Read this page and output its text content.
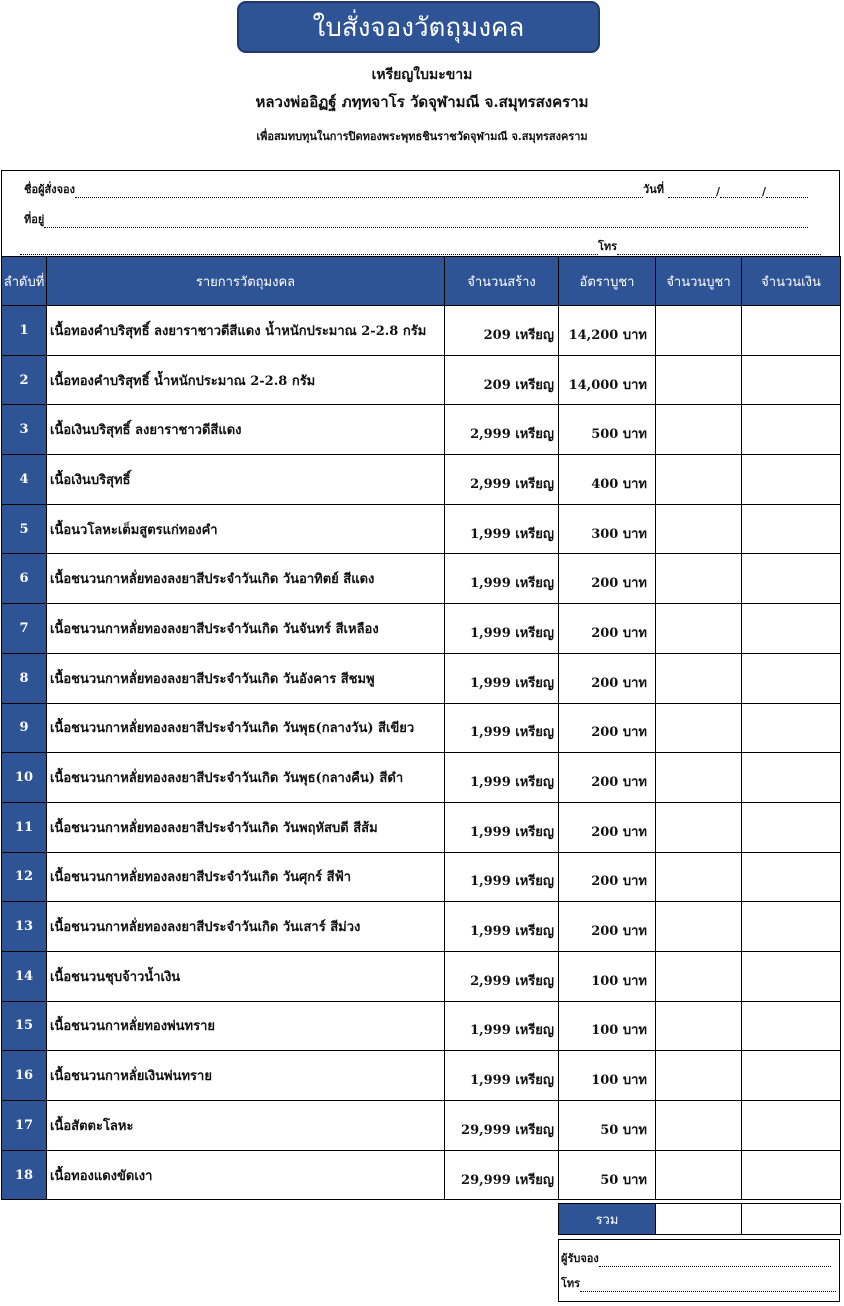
ใบสั่งจองวัตถุมงคล
เหรียญใบมะขาม
หลวงพ่ออิฏฐ์ ภทฺทจาโร วัดจุฬามณี จ.สมุทรสงคราม
เพื่อสมทบทุนในการปิดทองพระพุทธชินราชวัดจุฬามณี จ.สมุทรสงคราม
ชื่อผู้สั่งจอง	วันที่	/	/
ที่อยู่
โทร
ลำดับที่	รายการวัตถุมงคล	จำนวนสร้าง	อัตราบูชา	จำนวนบูชา	จำนวนเงิน
1	เนื้อทองคำบริสุทธิ์ ลงยาราชาวดีสีแดง น้ำหนักประมาณ 2-2.8 กรัม	209 เหรียญ	14,200 บาท		
2	เนื้อทองคำบริสุทธิ์ น้ำหนักประมาณ 2-2.8 กรัม	209 เหรียญ	14,000 บาท		
3	เนื้อเงินบริสุทธิ์ ลงยาราชาวดีสีแดง	2,999 เหรียญ	500 บาท		
4	เนื้อเงินบริสุทธิ์	2,999 เหรียญ	400 บาท		
5	เนื้อนวโลหะเต็มสูตรแก่ทองคำ	1,999 เหรียญ	300 บาท		
6	เนื้อชนวนกาหลั่ยทองลงยาสีประจำวันเกิด วันอาทิตย์ สีแดง	1,999 เหรียญ	200 บาท		
7	เนื้อชนวนกาหลั่ยทองลงยาสีประจำวันเกิด วันจันทร์ สีเหลือง	1,999 เหรียญ	200 บาท		
8	เนื้อชนวนกาหลั่ยทองลงยาสีประจำวันเกิด วันอังคาร สีชมพู	1,999 เหรียญ	200 บาท		
9	เนื้อชนวนกาหลั่ยทองลงยาสีประจำวันเกิด วันพุธ(กลางวัน) สีเขียว	1,999 เหรียญ	200 บาท		
10	เนื้อชนวนกาหลั่ยทองลงยาสีประจำวันเกิด วันพุธ(กลางคืน) สีดำ	1,999 เหรียญ	200 บาท		
11	เนื้อชนวนกาหลั่ยทองลงยาสีประจำวันเกิด วันพฤหัสบดี สีส้ม	1,999 เหรียญ	200 บาท		
12	เนื้อชนวนกาหลั่ยทองลงยาสีประจำวันเกิด วันศุกร์ สีฟ้า	1,999 เหรียญ	200 บาท		
13	เนื้อชนวนกาหลั่ยทองลงยาสีประจำวันเกิด วันเสาร์ สีม่วง	1,999 เหรียญ	200 บาท		
14	เนื้อชนวนชุบจ้าวน้ำเงิน	2,999 เหรียญ	100 บาท		
15	เนื้อชนวนกาหลั่ยทองพ่นทราย	1,999 เหรียญ	100 บาท		
16	เนื้อชนวนกาหลั่ยเงินพ่นทราย	1,999 เหรียญ	100 บาท		
17	เนื้อสัตตะโลหะ	29,999 เหรียญ	50 บาท		
18	เนื้อทองแดงขัดเงา	29,999 เหรียญ	50 บาท		
รวม		
ผู้รับจอง
โทร
